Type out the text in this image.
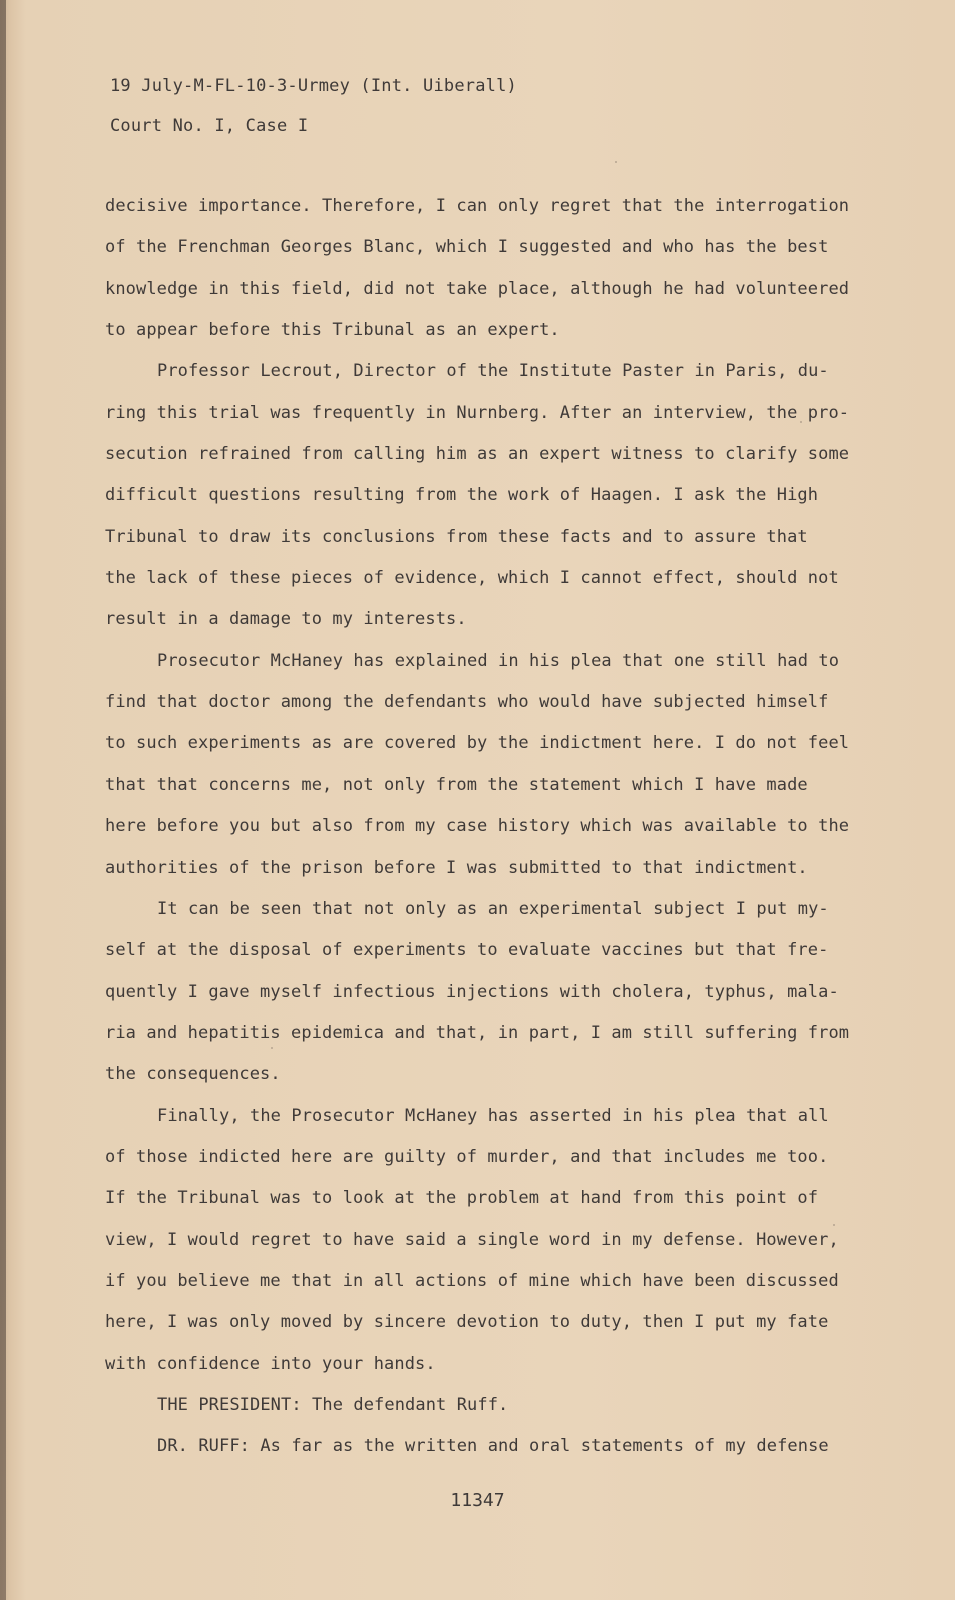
19 July-M-FL-10-3-Urmey (Int. Uiberall)
Court No. I, Case I
decisive importance. Therefore, I can only regret that the interrogation
of the Frenchman Georges Blanc, which I suggested and who has the best
knowledge in this field, did not take place, although he had volunteered
to appear before this Tribunal as an expert.
Professor Lecrout, Director of the Institute Paster in Paris, du-
ring this trial was frequently in Nurnberg. After an interview, the pro-
secution refrained from calling him as an expert witness to clarify some
difficult questions resulting from the work of Haagen. I ask the High
Tribunal to draw its conclusions from these facts and to assure that
the lack of these pieces of evidence, which I cannot effect, should not
result in a damage to my interests.
Prosecutor McHaney has explained in his plea that one still had to
find that doctor among the defendants who would have subjected himself
to such experiments as are covered by the indictment here. I do not feel
that that concerns me, not only from the statement which I have made
here before you but also from my case history which was available to the
authorities of the prison before I was submitted to that indictment.
It can be seen that not only as an experimental subject I put my-
self at the disposal of experiments to evaluate vaccines but that fre-
quently I gave myself infectious injections with cholera, typhus, mala-
ria and hepatitis epidemica and that, in part, I am still suffering from
the consequences.
Finally, the Prosecutor McHaney has asserted in his plea that all
of those indicted here are guilty of murder, and that includes me too.
If the Tribunal was to look at the problem at hand from this point of
view, I would regret to have said a single word in my defense. However,
if you believe me that in all actions of mine which have been discussed
here, I was only moved by sincere devotion to duty, then I put my fate
with confidence into your hands.
THE PRESIDENT: The defendant Ruff.
DR. RUFF: As far as the written and oral statements of my defense
11347
